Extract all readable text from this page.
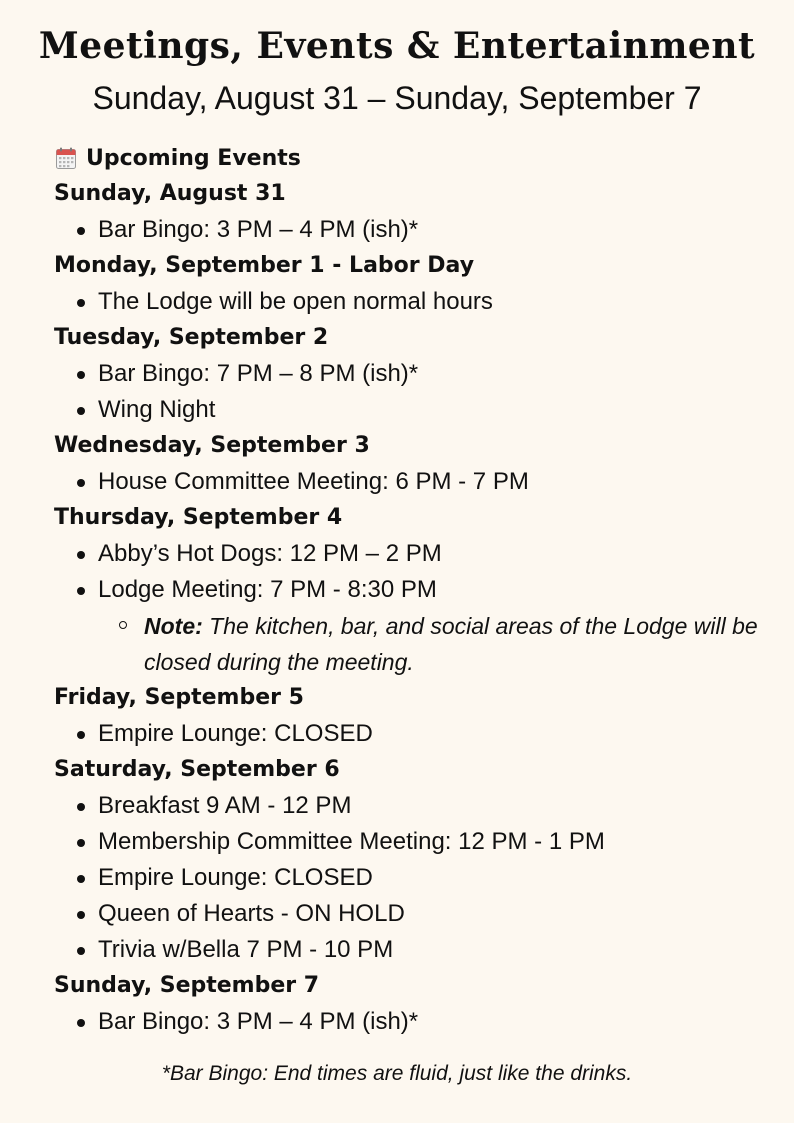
Meetings, Events & Entertainment
Sunday, August 31 – Sunday, September 7
Upcoming Events
Sunday, August 31
Bar Bingo: 3 PM – 4 PM (ish)*
Monday, September 1 - Labor Day
The Lodge will be open normal hours
Tuesday, September 2
Bar Bingo: 7 PM – 8 PM (ish)*
Wing Night
Wednesday, September 3
House Committee Meeting: 6 PM - 7 PM
Thursday, September 4
Abby’s Hot Dogs: 12 PM – 2 PM
Lodge Meeting: 7 PM - 8:30 PM
Note: The kitchen, bar, and social areas of the Lodge will be closed during the meeting.
Friday, September 5
Empire Lounge: CLOSED
Saturday, September 6
Breakfast 9 AM - 12 PM
Membership Committee Meeting: 12 PM - 1 PM
Empire Lounge: CLOSED
Queen of Hearts - ON HOLD
Trivia w/Bella 7 PM - 10 PM
Sunday, September 7
Bar Bingo: 3 PM – 4 PM (ish)*
*Bar Bingo: End times are fluid, just like the drinks.
